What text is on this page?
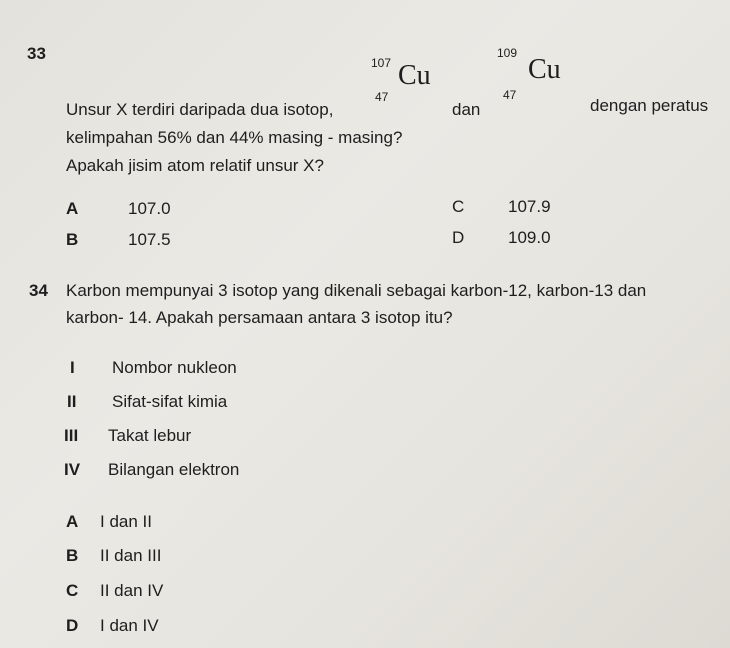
33	107 Cu
47
109
Cu
47
Unsur X terdiri daripada dua isotop,	dan	dengan peratus
kelimpahan 56% dan 44% masing - masing?
Apakah jisim atom relatif unsur X?
A	107.0
B	107.5
C	107.9
D	109.0
34 Karbon mempunyai 3 isotop yang dikenali sebagai karbon-12, karbon-13 dan
karbon- 14. Apakah persamaan antara 3 isotop itu?
I Nombor nukleon
II Sifat-sifat kimia
III Takat lebur
IV Bilangan elektron
A I dan II
B II dan III
C II dan IV
D I dan IV
